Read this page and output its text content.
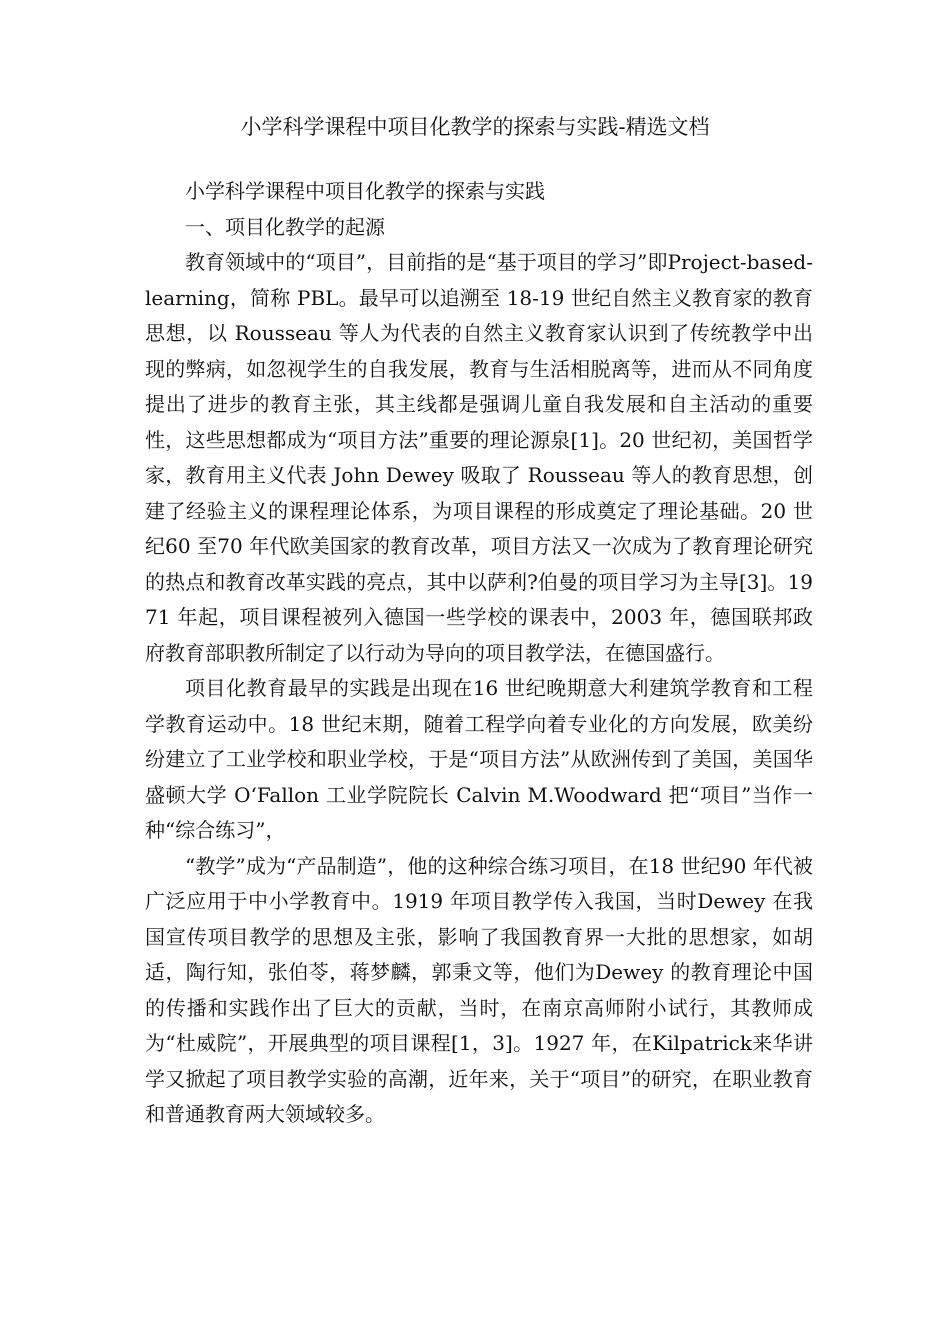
小学科学课程中项目化教学的探索与实践-精选文档

小学科学课程中项目化教学的探索与实践

一、项目化教学的起源

教育领域中的“项目”，目前指的是“基于项目的学习”即Project-based-learning，简称 PBL。最早可以追溯至 18-19 世纪自然主义教育家的教育思想，以 Rousseau 等人为代表的自然主义教育家认识到了传统教学中出现的弊病，如忽视学生的自我发展，教育与生活相脱离等，进而从不同角度提出了进步的教育主张，其主线都是强调儿童自我发展和自主活动的重要性，这些思想都成为“项目方法”重要的理论源泉[1]。20 世纪初，美国哲学家，教育用主义代表 John Dewey 吸取了 Rousseau 等人的教育思想，创建了经验主义的课程理论体系，为项目课程的形成奠定了理论基础。20 世纪60 至70 年代欧美国家的教育改革，项目方法又一次成为了教育理论研究的热点和教育改革实践的亮点，其中以萨利?伯曼的项目学习为主导[3]。1971 年起，项目课程被列入德国一些学校的课表中，2003 年，德国联邦政府教育部职教所制定了以行动为导向的项目教学法，在德国盛行。

项目化教育最早的实践是出现在16 世纪晚期意大利建筑学教育和工程学教育运动中。18 世纪末期，随着工程学向着专业化的方向发展，欧美纷纷建立了工业学校和职业学校，于是“项目方法”从欧洲传到了美国，美国华盛顿大学 O‘Fallon 工业学院院长 Calvin M.Woodward 把“项目”当作一种“综合练习”，

“教学”成为“产品制造”，他的这种综合练习项目，在18 世纪90 年代被广泛应用于中小学教育中。1919 年项目教学传入我国，当时Dewey 在我国宣传项目教学的思想及主张，影响了我国教育界一大批的思想家，如胡适，陶行知，张伯苓，蒋梦麟，郭秉文等，他们为Dewey 的教育理论中国的传播和实践作出了巨大的贡献，当时，在南京高师附小试行，其教师成为“杜威院”，开展典型的项目课程[1，3]。1927 年，在Kilpatrick来华讲学又掀起了项目教学实验的高潮，近年来，关于“项目”的研究，在职业教育和普通教育两大领域较多。
